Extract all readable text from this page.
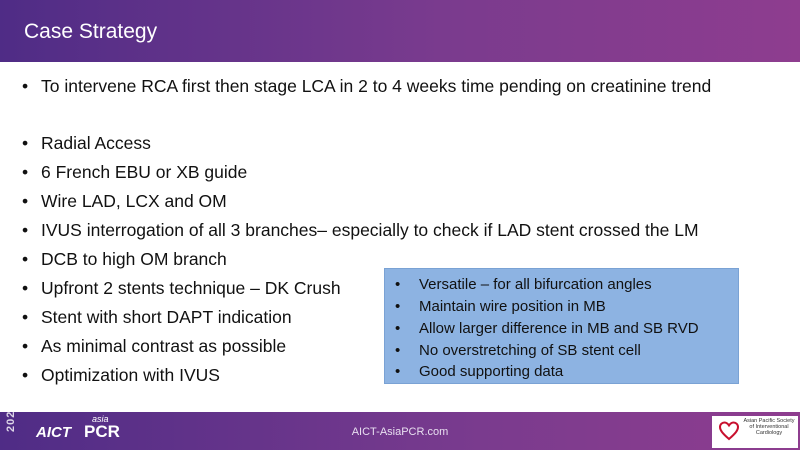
Case Strategy
• To intervene RCA first then stage LCA in 2 to 4 weeks time pending on creatinine trend
• Radial Access
• 6 French EBU or XB guide
• Wire LAD, LCX and OM
• IVUS interrogation of all 3 branches– especially to check if LAD stent crossed the LM
• DCB to high OM branch
• Upfront 2 stents technique – DK Crush
• Stent with short DAPT indication
• As minimal contrast as possible
• Optimization with IVUS
• Versatile – for all bifurcation angles
• Maintain wire position in MB
• Allow larger difference in MB and SB RVD
• No overstretching of SB stent cell
• Good supporting data
2022
AICT
asia
PCR	AICT-AsiaPCR.com
Asian Pacific Society of Interventional Cardiology
